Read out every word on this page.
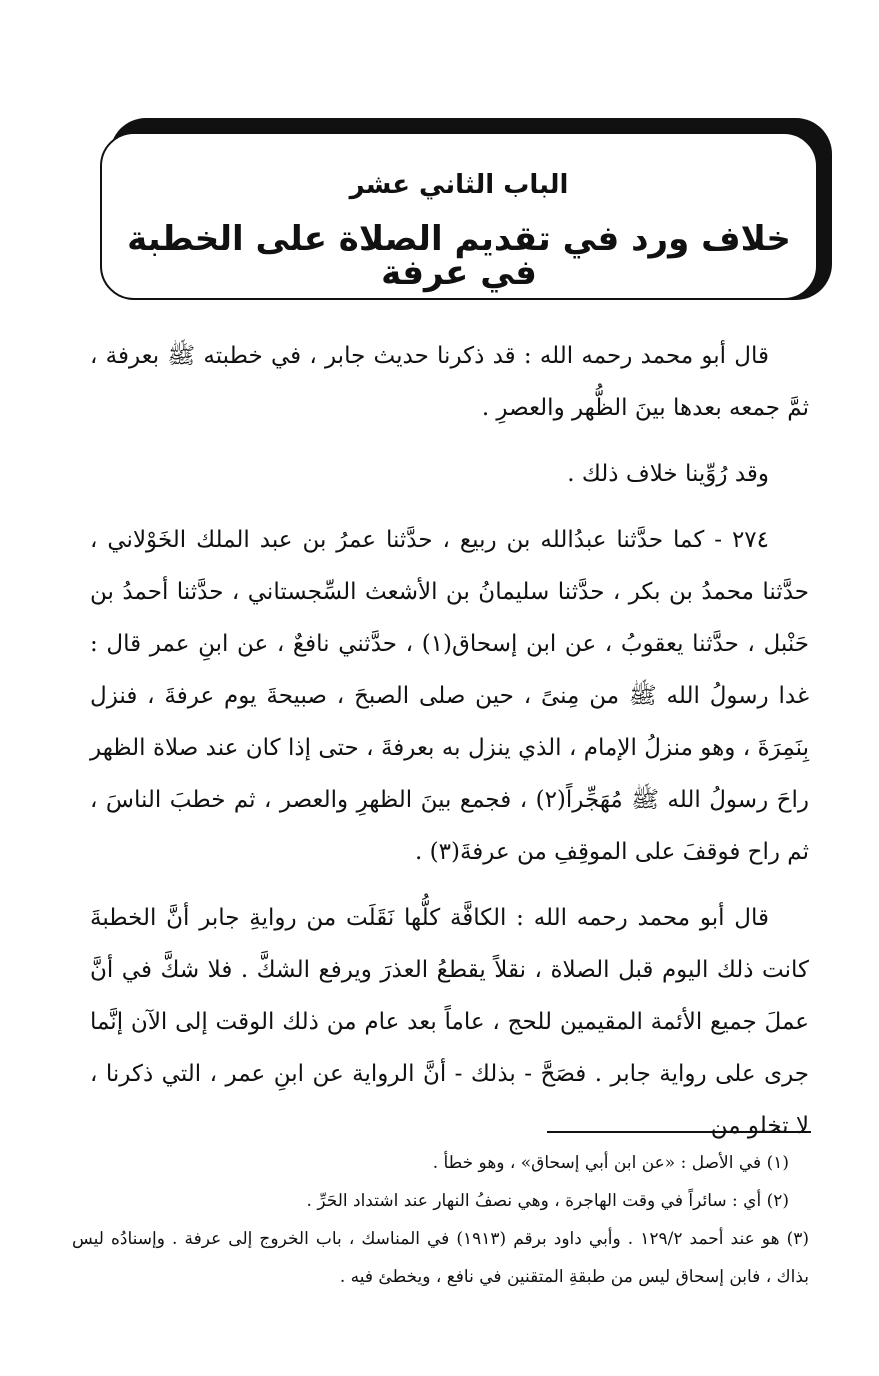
الباب الثاني عشر
خلاف ورد في تقديم الصلاة على الخطبة في عرفة

قال أبو محمد رحمه الله : قد ذكرنا حديث جابر ، في خطبته ﷺ بعرفة ، ثمَّ جمعه بعدها بينَ الظُّهر والعصرِ .

وقد رُوِّينا خلاف ذلك .

٢٧٤ - كما حدَّثنا عبدُالله بن ربيع ، حدَّثنا عمرُ بن عبد الملك الخَوْلاني ، حدَّثنا محمدُ بن بكر ، حدَّثنا سليمانُ بن الأشعث السِّجستاني ، حدَّثنا أحمدُ بن حَنْبل ، حدَّثنا يعقوبُ ، عن ابن إسحاق(١) ، حدَّثني نافعٌ ، عن ابنِ عمر قال : غدا رسولُ الله ﷺ من مِنىً ، حين صلى الصبحَ ، صبيحةَ يوم عرفةَ ، فنزل بِنَمِرَةَ ، وهو منزلُ الإمام ، الذي ينزل به بعرفةَ ، حتى إذا كان عند صلاة الظهر راحَ رسولُ الله ﷺ مُهَجِّراً(٢) ، فجمع بينَ الظهرِ والعصر ، ثم خطبَ الناسَ ، ثم راح فوقفَ على الموقِفِ من عرفةَ(٣) .

قال أبو محمد رحمه الله : الكافَّة كلُّها نَقَلَت من روايةِ جابر أنَّ الخطبةَ كانت ذلك اليوم قبل الصلاة ، نقلاً يقطعُ العذرَ ويرفع الشكَّ . فلا شكَّ في أنَّ عملَ جميع الأئمة المقيمين للحج ، عاماً بعد عام من ذلك الوقت إلى الآن إنَّما جرى على رواية جابر . فصَحَّ - بذلك - أنَّ الرواية عن ابنِ عمر ، التي ذكرنا ، لا تخلو من

(١) في الأصل : «عن ابن أبي إسحاق» ، وهو خطأ .

(٢) أي : سائراً في وقت الهاجرة ، وهي نصفُ النهار عند اشتداد الحَرِّ .

(٣) هو عند أحمد ١٢٩/٢ . وأبي داود برقم (١٩١٣) في المناسك ، باب الخروج إلى عرفة . وإسنادُه ليس بذاك ، فابن إسحاق ليس من طبقةِ المتقنين في نافع ، ويخطئ فيه .
